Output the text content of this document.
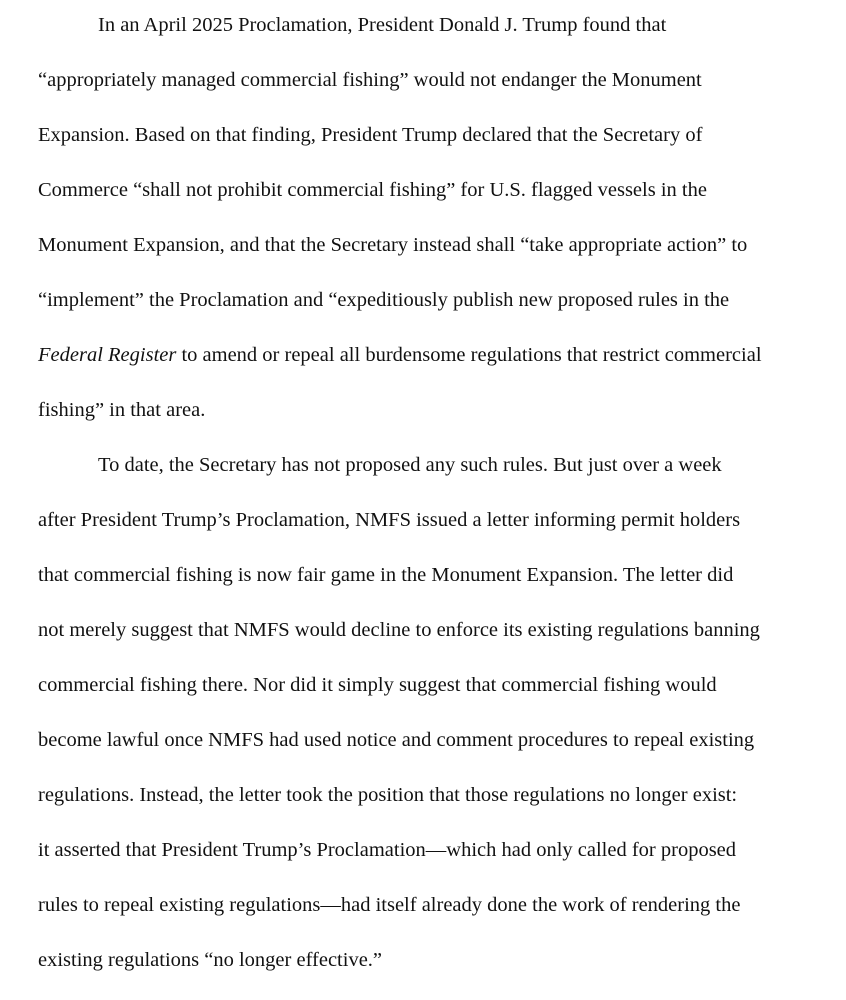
In an April 2025 Proclamation, President Donald J. Trump found that
“appropriately managed commercial fishing” would not endanger the Monument
Expansion. Based on that finding, President Trump declared that the Secretary of
Commerce “shall not prohibit commercial fishing” for U.S. flagged vessels in the
Monument Expansion, and that the Secretary instead shall “take appropriate action” to
“implement” the Proclamation and “expeditiously publish new proposed rules in the
Federal Register to amend or repeal all burdensome regulations that restrict commercial
fishing” in that area.
To date, the Secretary has not proposed any such rules. But just over a week
after President Trump’s Proclamation, NMFS issued a letter informing permit holders
that commercial fishing is now fair game in the Monument Expansion. The letter did
not merely suggest that NMFS would decline to enforce its existing regulations banning
commercial fishing there. Nor did it simply suggest that commercial fishing would
become lawful once NMFS had used notice and comment procedures to repeal existing
regulations. Instead, the letter took the position that those regulations no longer exist:
it asserted that President Trump’s Proclamation—which had only called for proposed
rules to repeal existing regulations—had itself already done the work of rendering the
existing regulations “no longer effective.”
